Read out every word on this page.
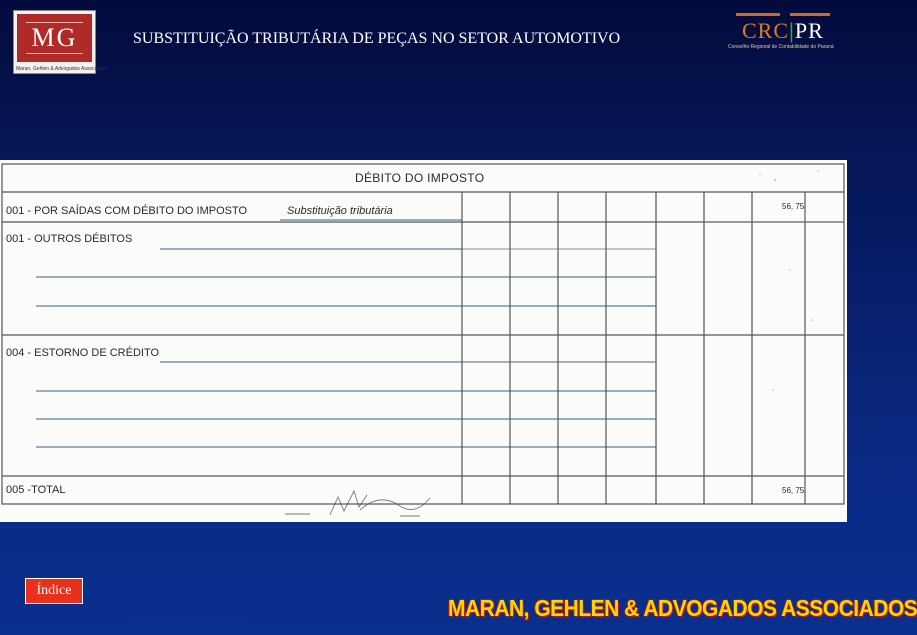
MG
Maran, Gehlen & Advogados Associados
SUBSTITUIÇÃO TRIBUTÁRIA DE PEÇAS NO SETOR AUTOMOTIVO	CRC|PR
Conselho Regional de Contabilidade do Paraná
DÉBITO DO IMPOSTO
001 - POR SAÍDAS COM DÉBITO DO IMPOSTO	Substituição tributária	56, 75
001 - OUTROS DÉBITOS
004 - ESTORNO DE CRÉDITO
005 -TOTAL	56, 75
Índice
MARAN, GEHLEN & ADVOGADOS ASSOCIADOS
